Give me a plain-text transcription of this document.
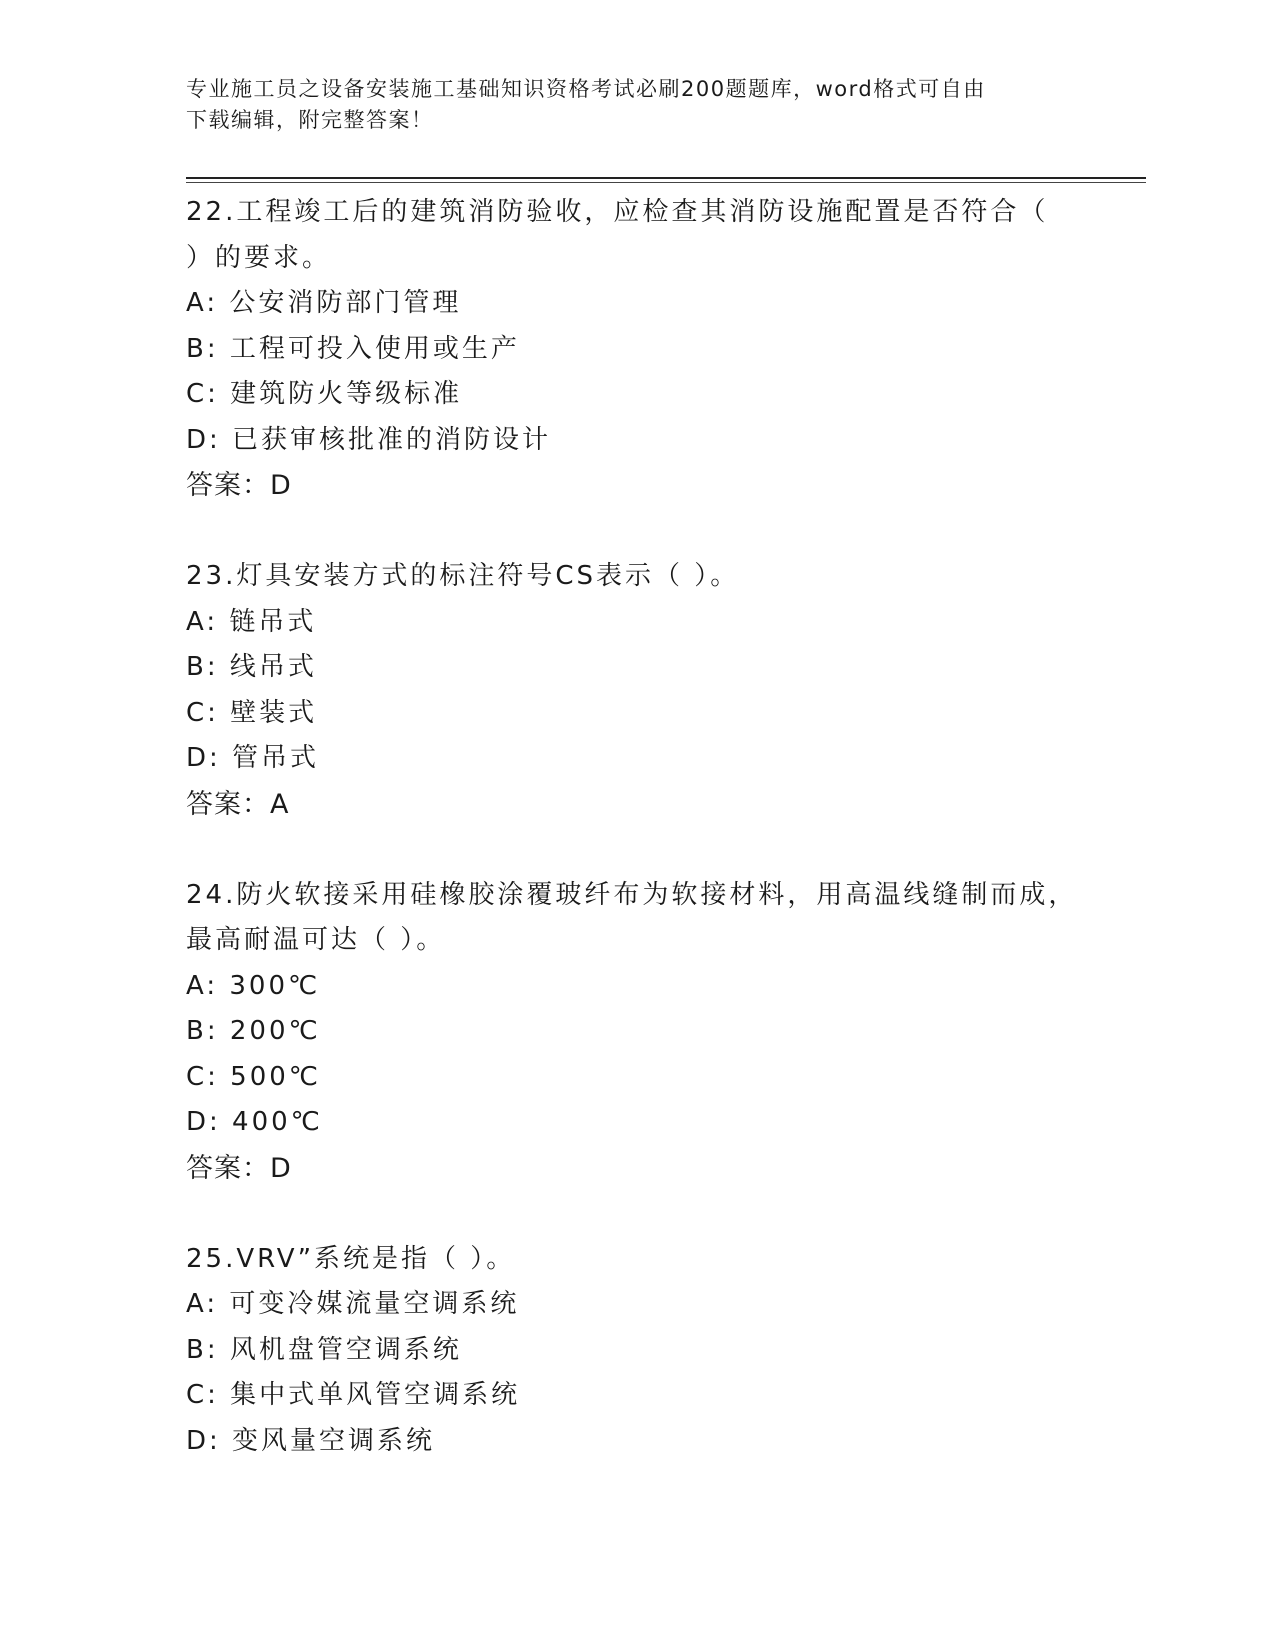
专业施工员之设备安装施工基础知识资格考试必刷200题题库，word格式可自由
下载编辑，附完整答案！
22.工程竣工后的建筑消防验收，应检查其消防设施配置是否符合（
）的要求。
A: 公安消防部门管理
B: 工程可投入使用或生产
C: 建筑防火等级标准
D: 已获审核批准的消防设计
答案：D
23.灯具安装方式的标注符号CS表示（ ）。
A: 链吊式
B: 线吊式
C: 壁装式
D: 管吊式
答案：A
24.防火软接采用硅橡胶涂覆玻纤布为软接材料，用高温线缝制而成，
最高耐温可达（ ）。
A: 300℃
B: 200℃
C: 500℃
D: 400℃
答案：D
25.VRV”系统是指（ ）。
A: 可变冷媒流量空调系统
B: 风机盘管空调系统
C: 集中式单风管空调系统
D: 变风量空调系统
